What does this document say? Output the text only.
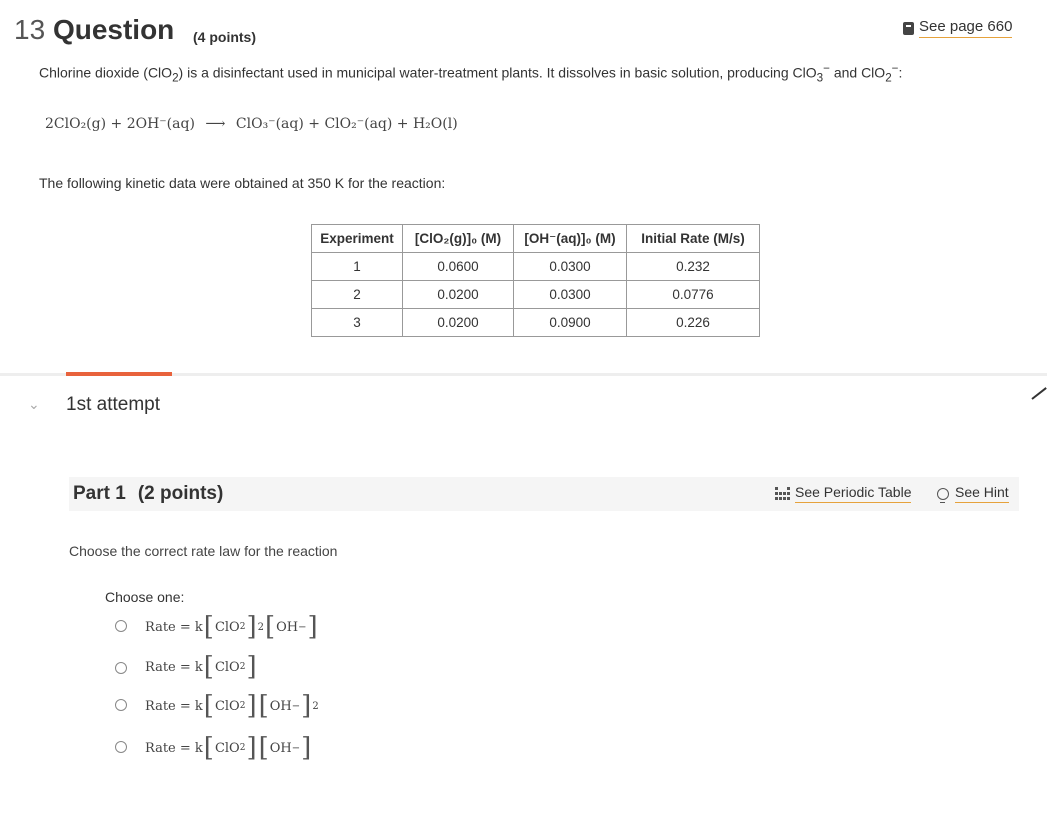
13 Question (4 points)
See page 660
Chlorine dioxide (ClO$_2$) is a disinfectant used in municipal water-treatment plants. It dissolves in basic solution, producing ClO$_3$− and ClO$_2$−:
2ClO₂(g) + 2OH⁻(aq) ⟶ ClO₃⁻(aq) + ClO₂⁻(aq) + H₂O(l)
The following kinetic data were obtained at 350 K for the reaction:
Experiment	[ClO₂(g)]₀ (M)	[OH⁻(aq)]₀ (M)	Initial Rate (M/s)
1	0.0600	0.0300	0.232
2	0.0200	0.0300	0.0776
3	0.0200	0.0900	0.226
⌄ 1st attempt
Part 1 (2 points)	See Periodic Table	See Hint
Choose the correct rate law for the reaction
Choose one:
Rate = k [ ClO 2 ] 2 [ OH − ]
Rate = k [ ClO 2 ]
Rate = k [ ClO 2 ] [ OH − ] 2
Rate = k [ ClO 2 ] [ OH − ]
